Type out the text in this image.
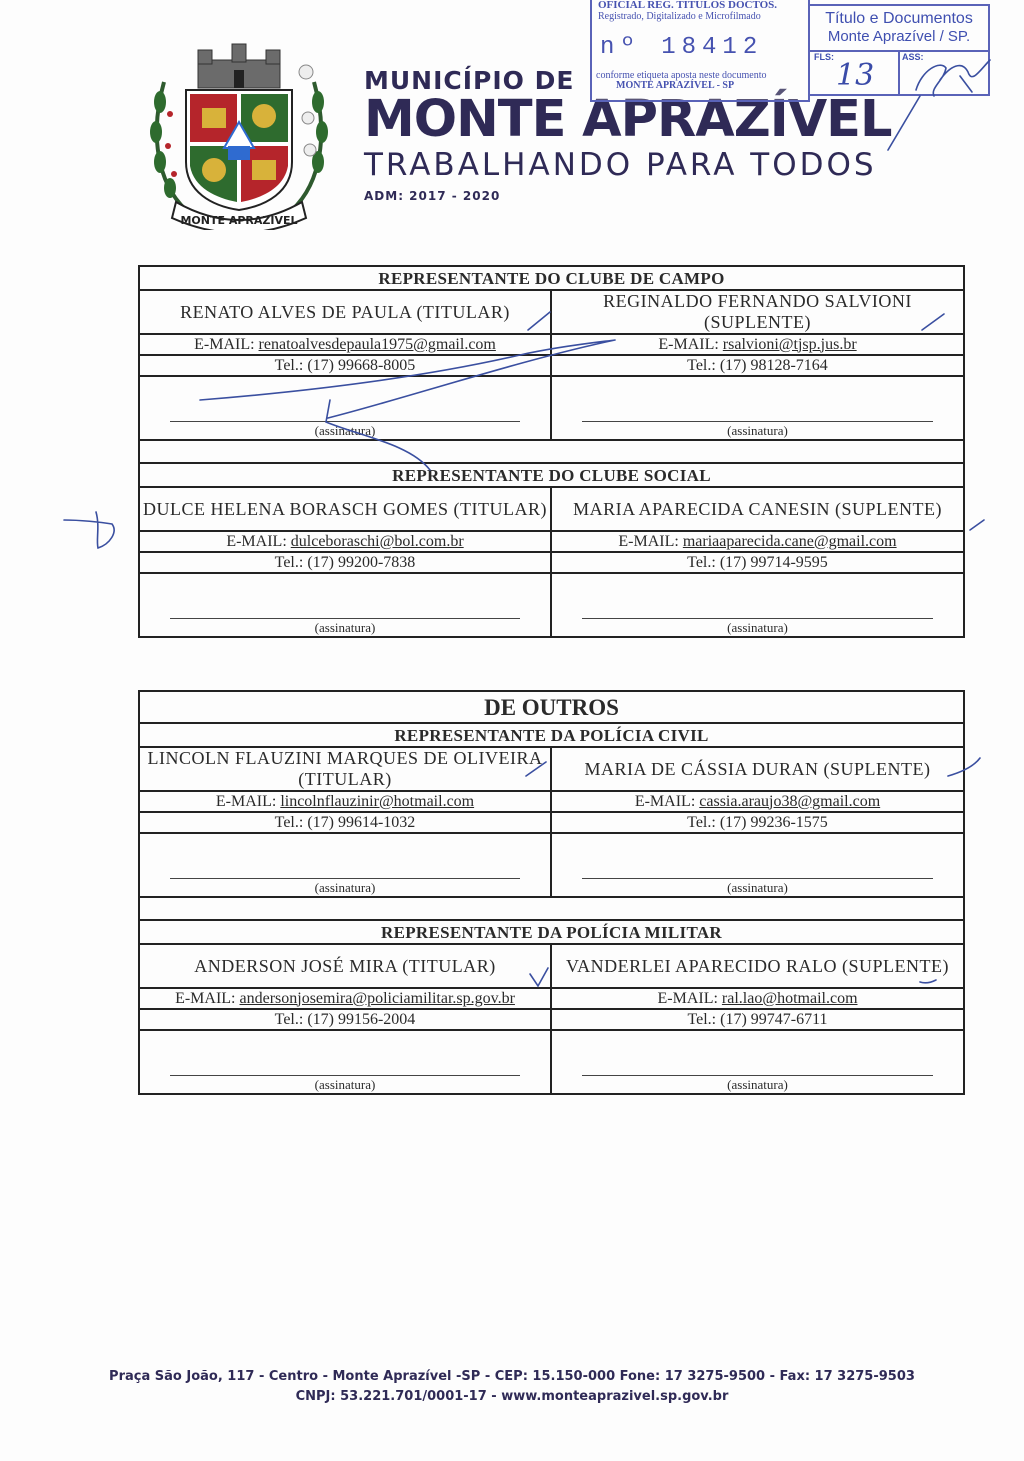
MONTE APRAZÍVEL
MUNICÍPIO DE
MONTE APRAZÍVEL
TRABALHANDO PARA TODOS
ADM: 2017 - 2020
OFICIAL REG. TITULOS DOCTOS.
Registrado, Digitalizado e Microfilmado
nº 18412
conforme etiqueta aposta neste documento
MONTE APRAZÍVEL - SP
Título e Documentos
Monte Aprazível / SP.
FLS:	ASS:
13
REPRESENTANTE DO CLUBE DE CAMPO	
RENATO ALVES DE PAULA (TITULAR)	REGINALDO FERNANDO SALVIONI (SUPLENTE)
E-MAIL: renatoalvesdepaula1975@gmail.com	E-MAIL: rsalvioni@tjsp.jus.br
Tel.: (17) 99668-8005	Tel.: (17) 98128-7164

(assinatura)	(assinatura)

REPRESENTANTE DO CLUBE SOCIAL	
DULCE HELENA BORASCH GOMES (TITULAR)	MARIA APARECIDA CANESIN (SUPLENTE)
E-MAIL: dulceboraschi@bol.com.br	E-MAIL: mariaaparecida.cane@gmail.com
Tel.: (17) 99200-7838	Tel.: (17) 99714-9595

(assinatura)	(assinatura)
DE OUTROS	
REPRESENTANTE DA POLÍCIA CIVIL	
LINCOLN FLAUZINI MARQUES DE OLIVEIRA (TITULAR)	MARIA DE CÁSSIA DURAN (SUPLENTE)
E-MAIL: lincolnflauzinir@hotmail.com	E-MAIL: cassia.araujo38@gmail.com
Tel.: (17) 99614-1032	Tel.: (17) 99236-1575

(assinatura)	(assinatura)

REPRESENTANTE DA POLÍCIA MILITAR	
ANDERSON JOSÉ MIRA (TITULAR)	VANDERLEI APARECIDO RALO (SUPLENTE)
E-MAIL: andersonjosemira@policiamilitar.sp.gov.br	E-MAIL: ral.lao@hotmail.com
Tel.: (17) 99156-2004	Tel.: (17) 99747-6711

(assinatura)	(assinatura)
Praça São João, 117 - Centro - Monte Aprazível -SP - CEP: 15.150-000 Fone: 17 3275-9500 - Fax: 17 3275-9503
CNPJ: 53.221.701/0001-17 - www.monteaprazivel.sp.gov.br
